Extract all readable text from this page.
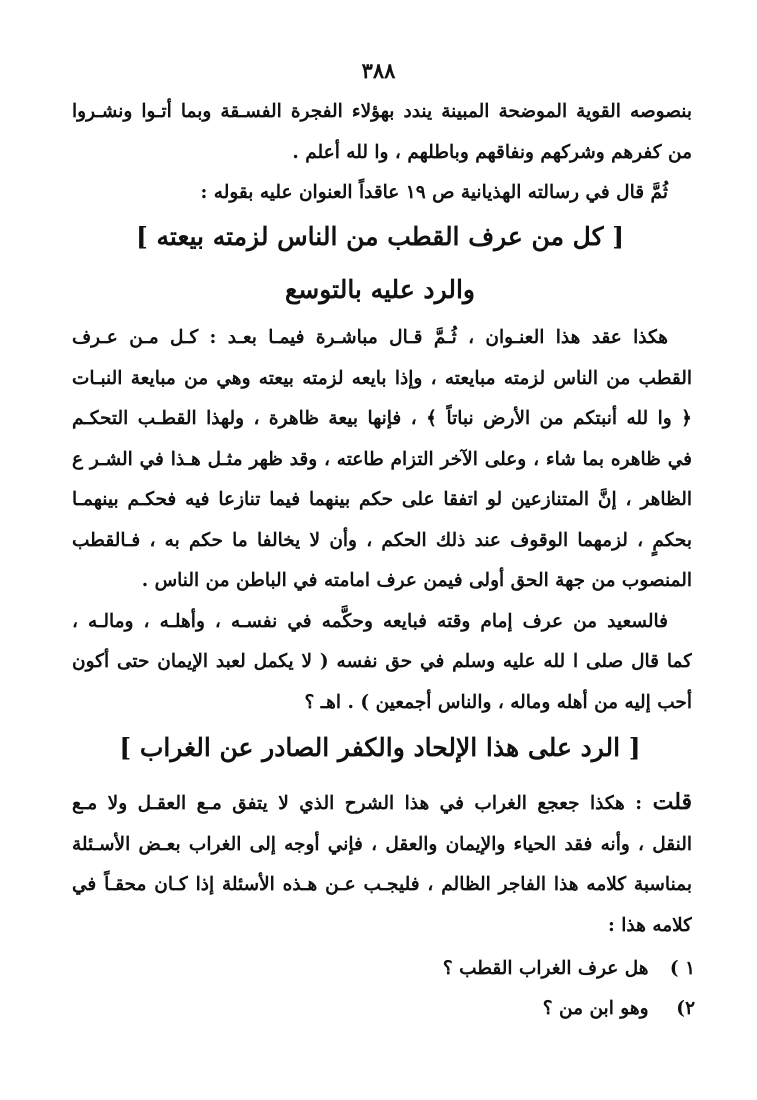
٣٨٨
بنصوصه القوية الموضحة المبينة يندد بهؤلاء الفجرة الفسـقة وبما أتـوا ونشـروا
من كفرهم وشركهم ونفاقهم وباطلهم ، وا لله أعلم .
ثُمَّ قال في رسالته الهذيانية ص ١٩ عاقداً العنوان عليه بقوله :
[ كل من عرف القطب من الناس لزمته بيعته ]
والرد عليه بالتوسع
هكذا عقد هذا العنـوان ، ثُـمَّ قـال مباشـرة فيمـا بعـد : كـل مـن عـرف
القطب من الناس لزمته مبايعته ، وإذا بايعه لزمته بيعته وهي من مبايعة النبـات
﴿ وا لله أنبتكم من الأرض نباتاً ﴾ ، فإنها بيعة ظاهرة ، ولهذا القطـب التحكـم
في ظاهره بما شاء ، وعلى الآخر التزام طاعته ، وقد ظهر مثـل هـذا في الشـر ع
الظاهر ، إنَّ المتنازعين لو اتفقا على حكم بينهما فيما تنازعا فيه فحكـم بينهمـا
بحكمٍ ، لزمهما الوقوف عند ذلك الحكم ، وأن لا يخالفا ما حكم به ، فـالقطب
المنصوب من جهة الحق أولى فيمن عرف امامته في الباطن من الناس .
فالسعيد من عرف إمام وقته فبايعه وحكَّمه في نفسـه ، وأهلـه ، ومالـه ،
كما قال صلى ا لله عليه وسلم في حق نفسه ( لا يكمل لعبد الإيمان حتى أكون
أحب إليه من أهله وماله ، والناس أجمعين ) . اهـ ؟
[ الرد على هذا الإلحاد والكفر الصادر عن الغراب ]
قلت : هكذا جعجع الغراب في هذا الشرح الذي لا يتفق مـع العقـل ولا مـع
النقل ، وأنه فقد الحياء والإيمان والعقل ، فإني أوجه إلى الغراب بعـض الأسـئلة
بمناسبة كلامه هذا الفاجر الظالم ، فليجـب عـن هـذه الأسئلة إذا كـان محقـاً في
كلامه هذا :
١ ) هل عرف الغراب القطب ؟
٢) وهو ابن من ؟
